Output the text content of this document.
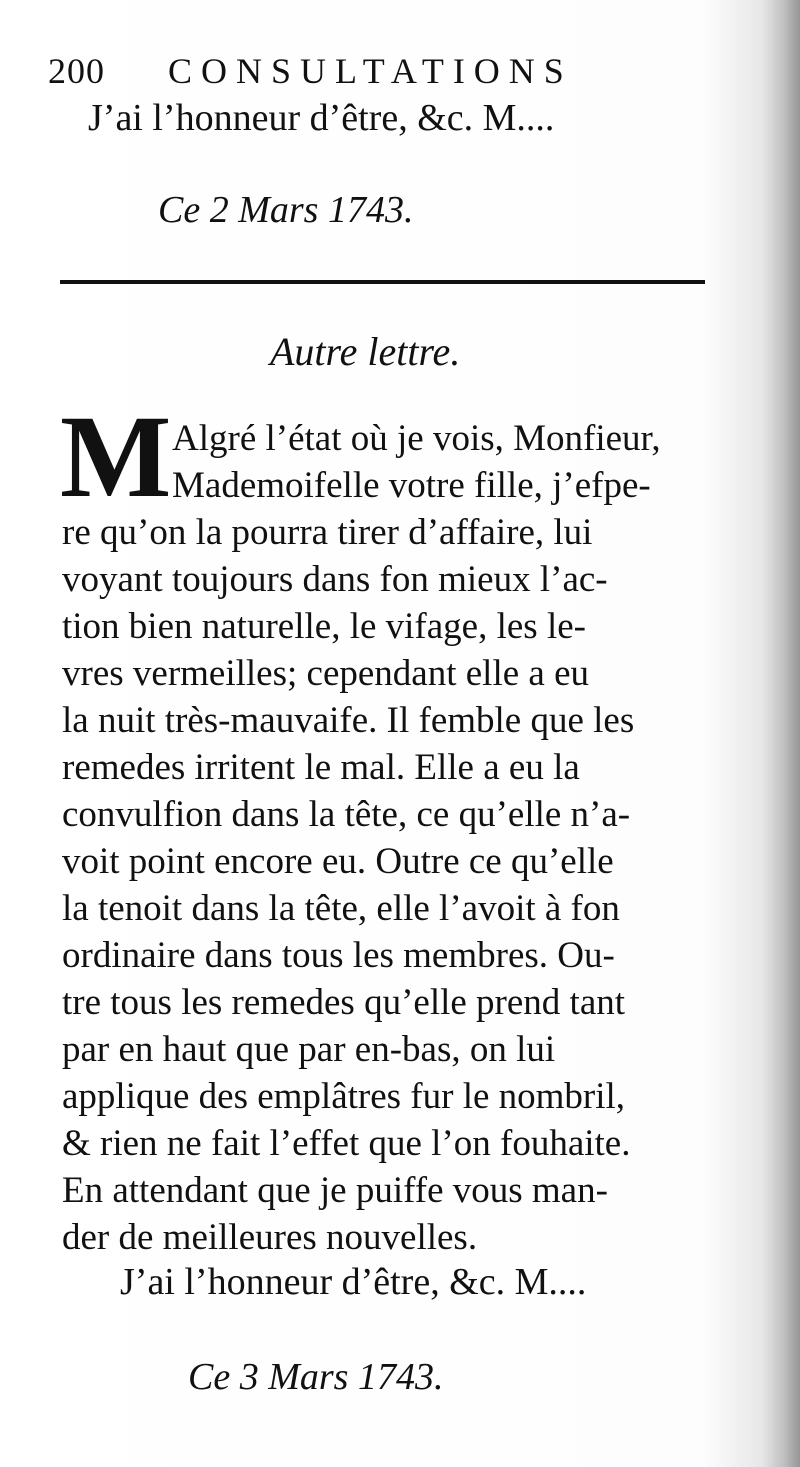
200 CONSULTATIONS
J’ai l’honneur d’être, &c. M....
Ce 2 Mars 1743.
Autre lettre.
M Algré l’état où je vois, Monfieur,
Mademoifelle votre fille, j’efpe-
re qu’on la pourra tirer d’affaire, lui
voyant toujours dans fon mieux l’ac-
tion bien naturelle, le vifage, les le-
vres vermeilles; cependant elle a eu
la nuit très-mauvaife. Il femble que les
remedes irritent le mal. Elle a eu la
convulfion dans la tête, ce qu’elle n’a-
voit point encore eu. Outre ce qu’elle
la tenoit dans la tête, elle l’avoit à fon
ordinaire dans tous les membres. Ou-
tre tous les remedes qu’elle prend tant
par en haut que par en-bas, on lui
applique des emplâtres fur le nombril,
& rien ne fait l’effet que l’on fouhaite.
En attendant que je puiffe vous man-
der de meilleures nouvelles.
J’ai l’honneur d’être, &c. M....
Ce 3 Mars 1743.
